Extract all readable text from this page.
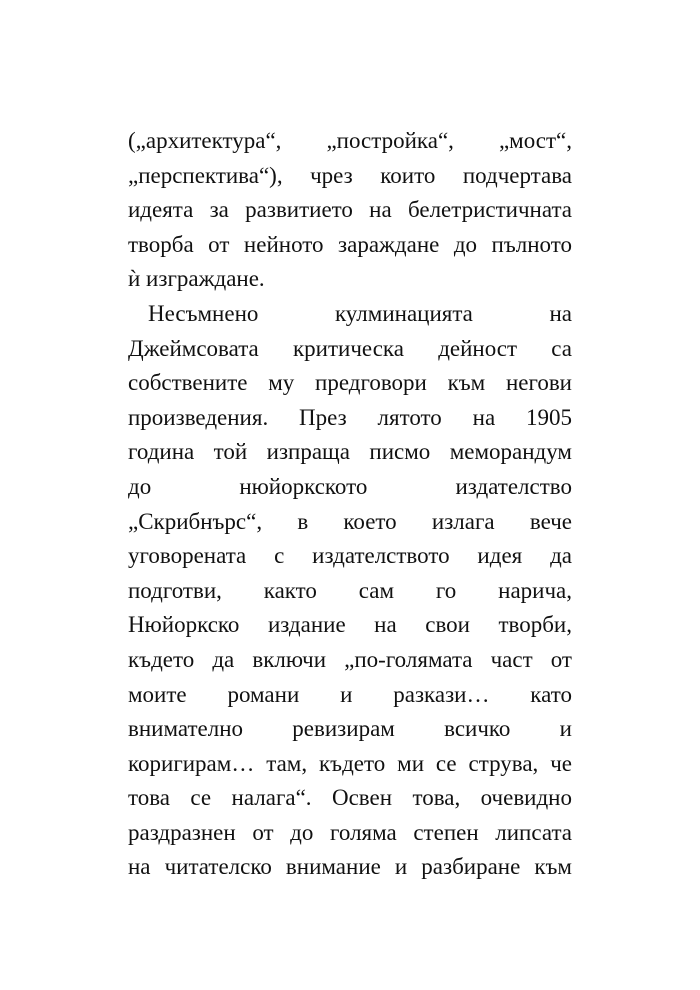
(„архитектура“, „постройка“, „мост“,
„перспектива“), чрез които подчертава
идеята за развитието на белетристичната
творба от нейното зараждане до пълното
ѝ изграждане.
Несъмнено кулминацията на
Джеймсовата критическа дейност са
собствените му предговори към негови
произведения. През лятото на 1905
година той изпраща писмо меморандум
до нюйоркското издателство
„Скрибнърс“, в което излага вече
уговорената с издателството идея да
подготви, както сам го нарича,
Нюйоркско издание на свои творби,
където да включи „по-голямата част от
моите романи и разкази… като
внимателно ревизирам всичко и
коригирам… там, където ми се струва, че
това се налага“. Освен това, очевидно
раздразнен от до голяма степен липсата
на читателско внимание и разбиране към
